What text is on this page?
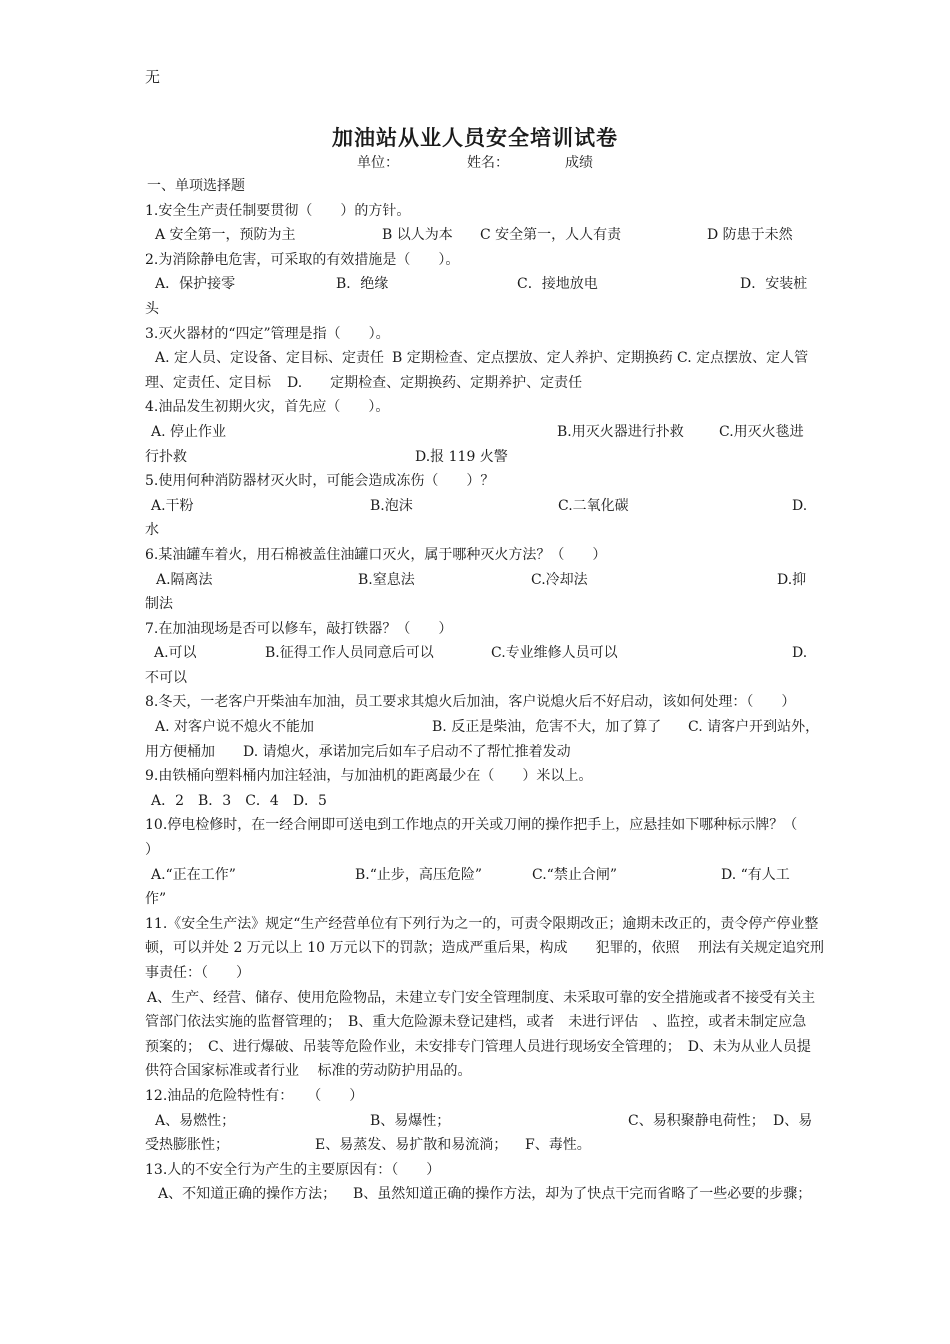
无
加油站从业人员安全培训试卷
单位：	姓名：	成绩
一、单项选择题
1.安全生产责任制要贯彻（　　）的方针。
A 安全第一，预防为主	B 以人为本 C 安全第一，人人有责	D 防患于未然
2.为消除静电危害，可采取的有效措施是（　　）。
A．保护接零	B．绝缘	C．接地放电	D．安装桩
头
3.灭火器材的“四定”管理是指（　　）。
A. 定人员、定设备、定目标、定责任 B 定期检查、定点摆放、定人养护、定期换药 C. 定点摆放、定人管
理、定责任、定目标 D.　　定期检查、定期换药、定期养护、定责任
4.油品发生初期火灾，首先应（　　）。
A. 停止作业	B.用灭火器进行扑救	C.用灭火毯进
行扑救	D.报 119 火警
5.使用何种消防器材灭火时，可能会造成冻伤（　　）？
A.干粉	B.泡沫	C.二氧化碳	D.
水
6.某油罐车着火，用石棉被盖住油罐口灭火，属于哪种灭火方法？（　　）
A.隔离法	B.窒息法	C.冷却法	D.抑
制法
7.在加油现场是否可以修车，敲打铁器？（　　）
A.可以	B.征得工作人员同意后可以	C.专业维修人员可以	D.
不可以
8.冬天，一老客户开柴油车加油，员工要求其熄火后加油，客户说熄火后不好启动，该如何处理：（　　）
A. 对客户说不熄火不能加	B. 反正是柴油，危害不大，加了算了 C. 请客户开到站外，
用方便桶加 D. 请熄火，承诺加完后如车子启动不了帮忙推着发动
9.由铁桶向塑料桶内加注轻油，与加油机的距离最少在（　　）米以上。
A．2　B．3　C．4　D．5
10.停电检修时，在一经合闸即可送电到工作地点的开关或刀闸的操作把手上，应悬挂如下哪种标示牌？（
）
A.“正在工作”	B.“止步，高压危险”	C.“禁止合闸”	D. “有人工
作”
11.《安全生产法》规定“生产经营单位有下列行为之一的，可责令限期改正；逾期未改正的，责令停产停业整
顿，可以并处 2 万元以上 10 万元以下的罚款；造成严重后果，构成　　犯罪的，依照　 刑法有关规定追究刑
事责任：（　　）
A、生产、经营、储存、使用危险物品，未建立专门安全管理制度、未采取可靠的安全措施或者不接受有关主
管部门依法实施的监督管理的；　B、重大危险源未登记建档，或者　未进行评估　、监控，或者未制定应急
预案的；　C、进行爆破、吊装等危险作业，未安排专门管理人员进行现场安全管理的；　D、未为从业人员提
供符合国家标准或者行业　 标准的劳动防护用品的。
12.油品的危险特性有：　　（　　）
A、易燃性；	B、易爆性；	C、易积聚静电荷性； D、易
受热膨胀性；	E、易蒸发、易扩散和易流淌； F、毒性。
13.人的不安全行为产生的主要原因有：（　　）
A、不知道正确的操作方法； B、虽然知道正确的操作方法，却为了快点干完而省略了一些必要的步骤；
